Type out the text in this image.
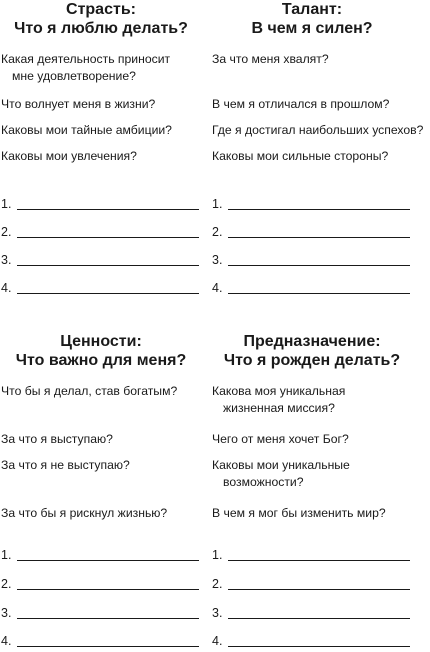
Страсть:
Что я люблю делать?
Какая деятельность приносит
мне удовлетворение?
Что волнует меня в жизни?
Каковы мои тайные амбиции?
Каковы мои увлечения?
1.
2.
3.
4.
Талант:
В чем я силен?
За что меня хвалят?
В чем я отличался в прошлом?
Где я достигал наибольших успехов?
Каковы мои сильные стороны?
1.
2.
3.
4.
Ценности:
Что важно для меня?
Что бы я делал, став богатым?
За что я выступаю?
За что я не выступаю?
За что бы я рискнул жизнью?
1.
2.
3.
4.
Предназначение:
Что я рожден делать?
Какова моя уникальная
жизненная миссия?
Чего от меня хочет Бог?
Каковы мои уникальные
возможности?
В чем я мог бы изменить мир?
1.
2.
3.
4.
